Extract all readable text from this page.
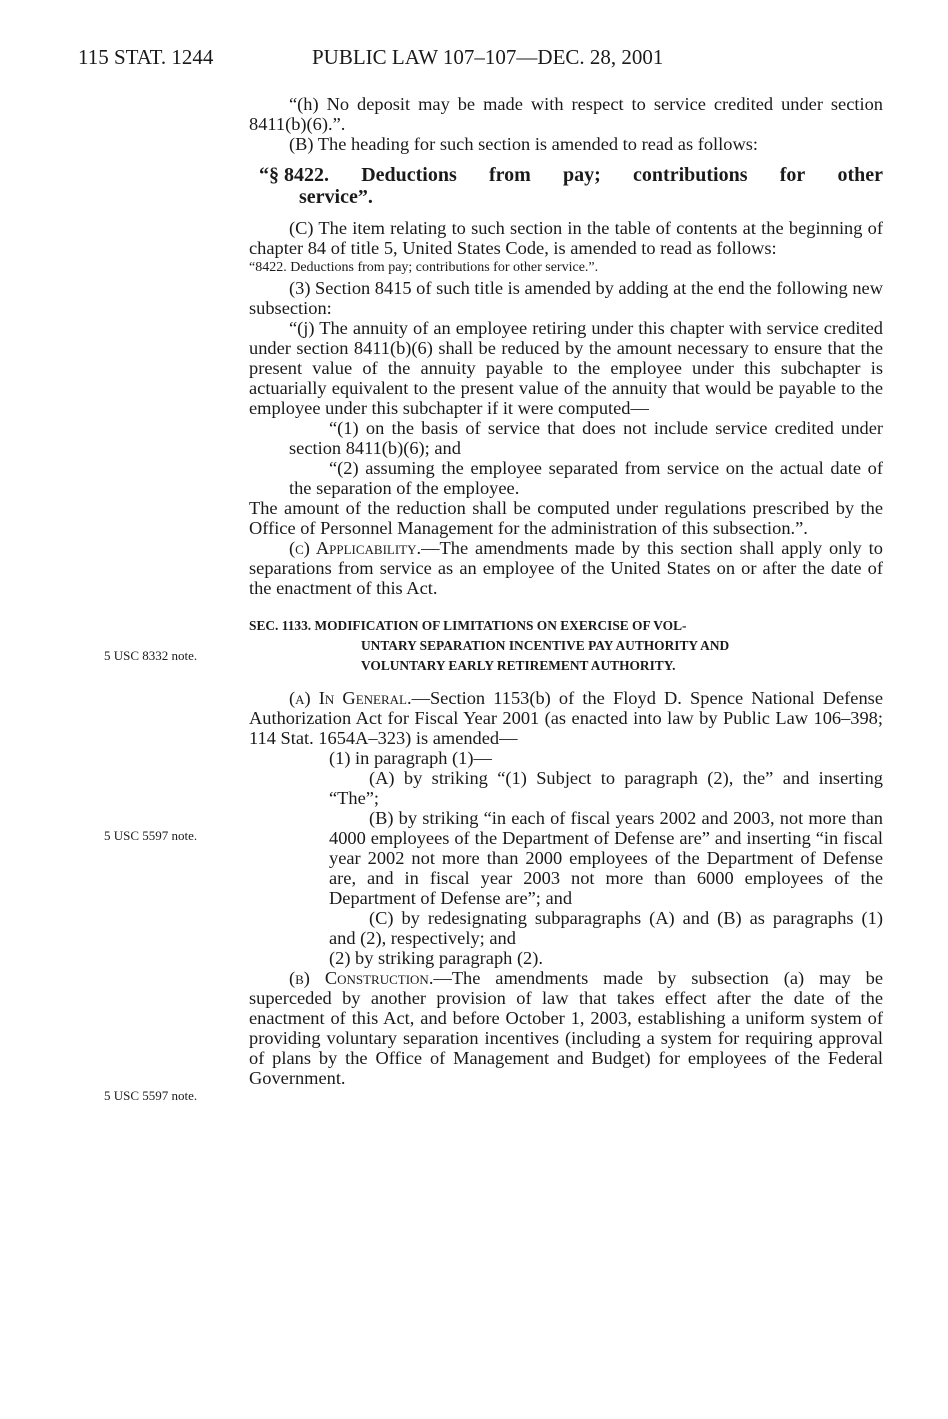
115 STAT. 1244	PUBLIC LAW 107–107—DEC. 28, 2001
5 USC 8332 note.
5 USC 5597 note.
5 USC 5597 note.

“(h) No deposit may be made with respect to service credited under section 8411(b)(6).”.

(B) The heading for such section is amended to read as follows:

“§ 8422. Deductions from pay; contributions for other
service”.

(C) The item relating to such section in the table of contents at the beginning of chapter 84 of title 5, United States Code, is amended to read as follows:

“8422. Deductions from pay; contributions for other service.”.

(3) Section 8415 of such title is amended by adding at the end the following new subsection:

“(j) The annuity of an employee retiring under this chapter with service credited under section 8411(b)(6) shall be reduced by the amount necessary to ensure that the present value of the annuity payable to the employee under this subchapter is actuarially equivalent to the present value of the annuity that would be payable to the employee under this subchapter if it were computed—

“(1) on the basis of service that does not include service credited under section 8411(b)(6); and

“(2) assuming the employee separated from service on the actual date of the separation of the employee.

The amount of the reduction shall be computed under regulations prescribed by the Office of Personnel Management for the administration of this subsection.”.

(c) Applicability.—The amendments made by this section shall apply only to separations from service as an employee of the United States on or after the date of the enactment of this Act.

SEC. 1133. MODIFICATION OF LIMITATIONS ON EXERCISE OF VOL-
UNTARY SEPARATION INCENTIVE PAY AUTHORITY AND
VOLUNTARY EARLY RETIREMENT AUTHORITY.

(a) In General.—Section 1153(b) of the Floyd D. Spence National Defense Authorization Act for Fiscal Year 2001 (as enacted into law by Public Law 106–398; 114 Stat. 1654A–323) is amended—

(1) in paragraph (1)—

(A) by striking “(1) Subject to paragraph (2), the” and inserting “The”;

(B) by striking “in each of fiscal years 2002 and 2003, not more than 4000 employees of the Department of Defense are” and inserting “in fiscal year 2002 not more than 2000 employees of the Department of Defense are, and in fiscal year 2003 not more than 6000 employees of the Department of Defense are”; and

(C) by redesignating subparagraphs (A) and (B) as paragraphs (1) and (2), respectively; and

(2) by striking paragraph (2).

(b) Construction.—The amendments made by subsection (a) may be superceded by another provision of law that takes effect after the date of the enactment of this Act, and before October 1, 2003, establishing a uniform system of providing voluntary separation incentives (including a system for requiring approval of plans by the Office of Management and Budget) for employees of the Federal Government.
